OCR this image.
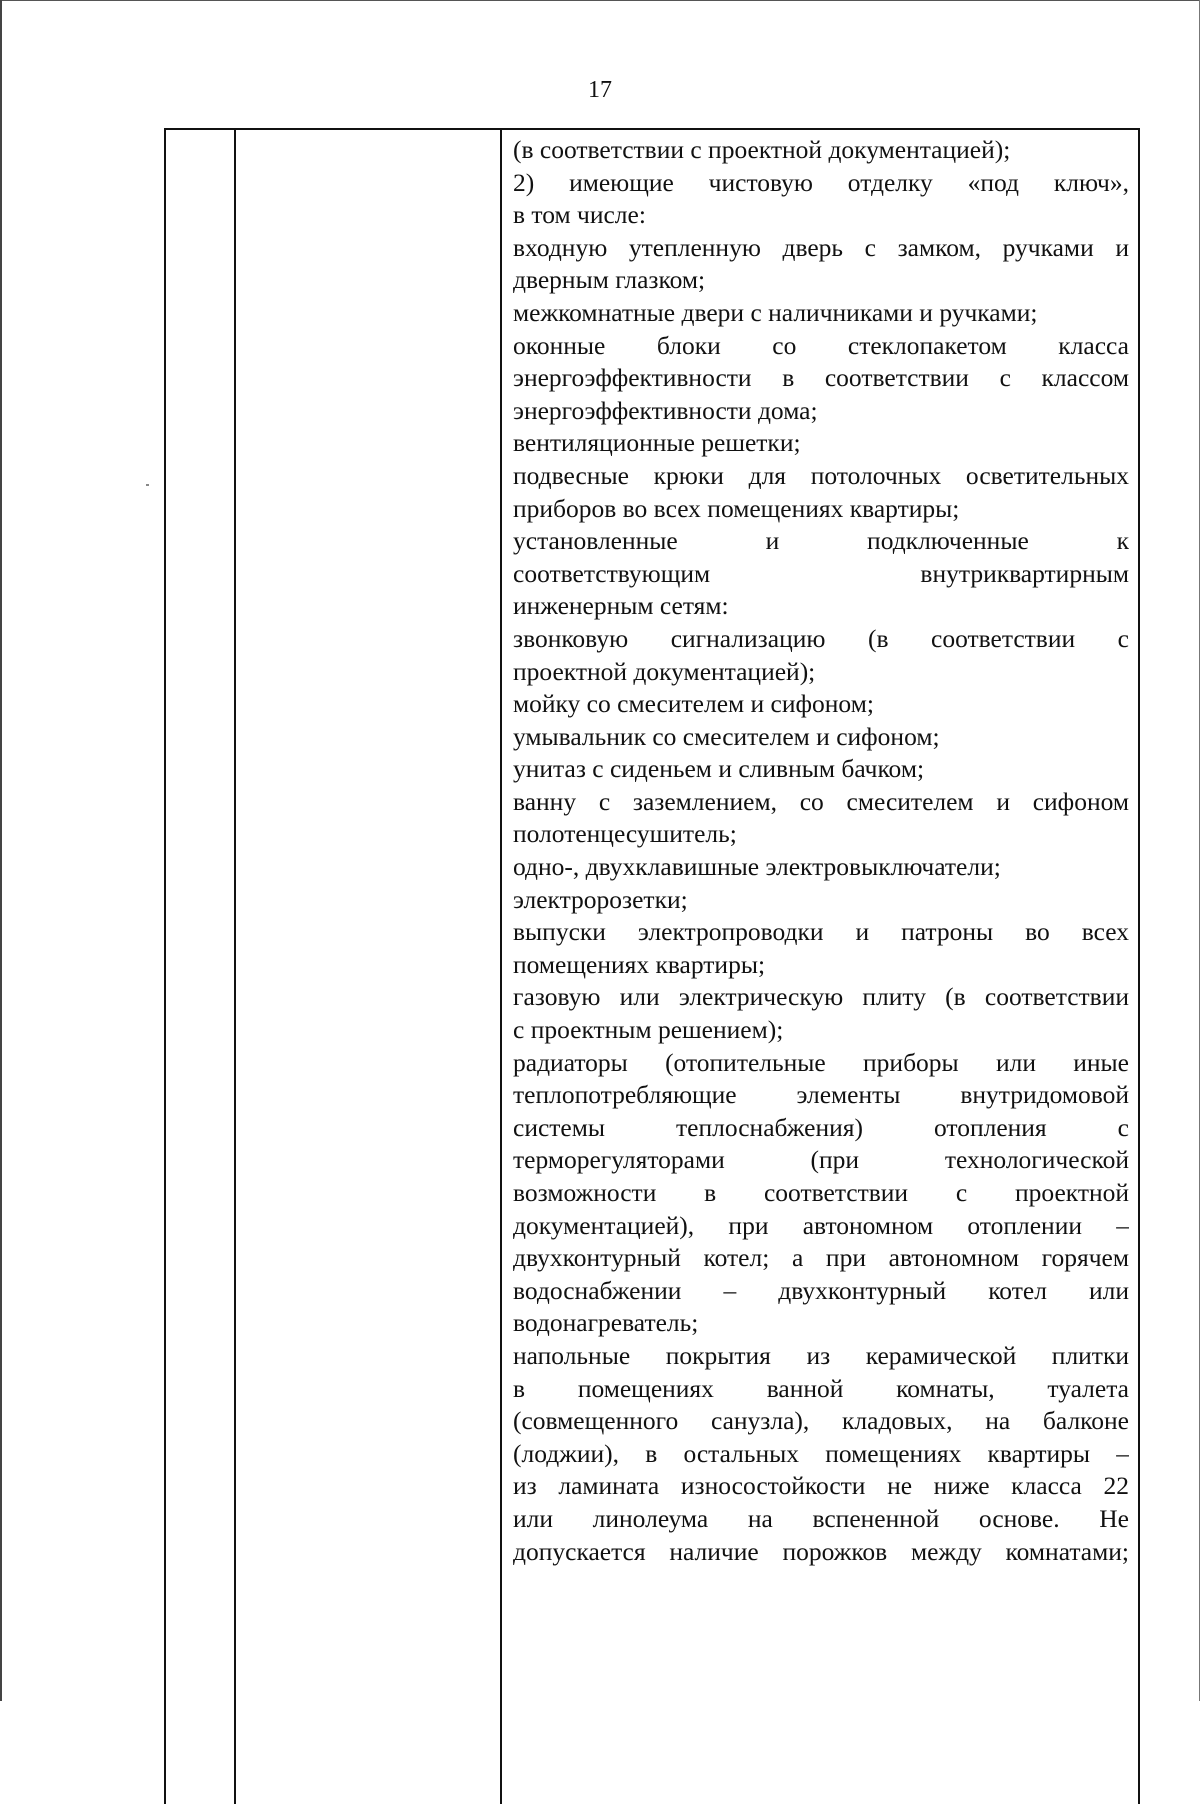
17
(в соответствии с проектной документацией);
2) имеющие чистовую отделку «под ключ»,
в том числе:
входную утепленную дверь с замком, ручками и
дверным глазком;
межкомнатные двери с наличниками и ручками;
оконные блоки со стеклопакетом класса
энергоэффективности в соответствии с классом
энергоэффективности дома;
вентиляционные решетки;
подвесные крюки для потолочных осветительных
приборов во всех помещениях квартиры;
установленные и подключенные к
соответствующим внутриквартирным
инженерным сетям:
звонковую сигнализацию (в соответствии с
проектной документацией);
мойку со смесителем и сифоном;
умывальник со смесителем и сифоном;
унитаз с сиденьем и сливным бачком;
ванну с заземлением, со смесителем и сифоном
полотенцесушитель;
одно-, двухклавишные электровыключатели;
электророзетки;
выпуски электропроводки и патроны во всех
помещениях квартиры;
газовую или электрическую плиту (в соответствии
с проектным решением);
радиаторы (отопительные приборы или иные
теплопотребляющие элементы внутридомовой
системы теплоснабжения) отопления с
терморегуляторами (при технологической
возможности в соответствии с проектной
документацией), при автономном отоплении –
двухконтурный котел; а при автономном горячем
водоснабжении – двухконтурный котел или
водонагреватель;
напольные покрытия из керамической плитки
в помещениях ванной комнаты, туалета
(совмещенного санузла), кладовых, на балконе
(лоджии), в остальных помещениях квартиры –
из ламината износостойкости не ниже класса 22
или линолеума на вспененной основе. Не
допускается наличие порожков между комнатами;
